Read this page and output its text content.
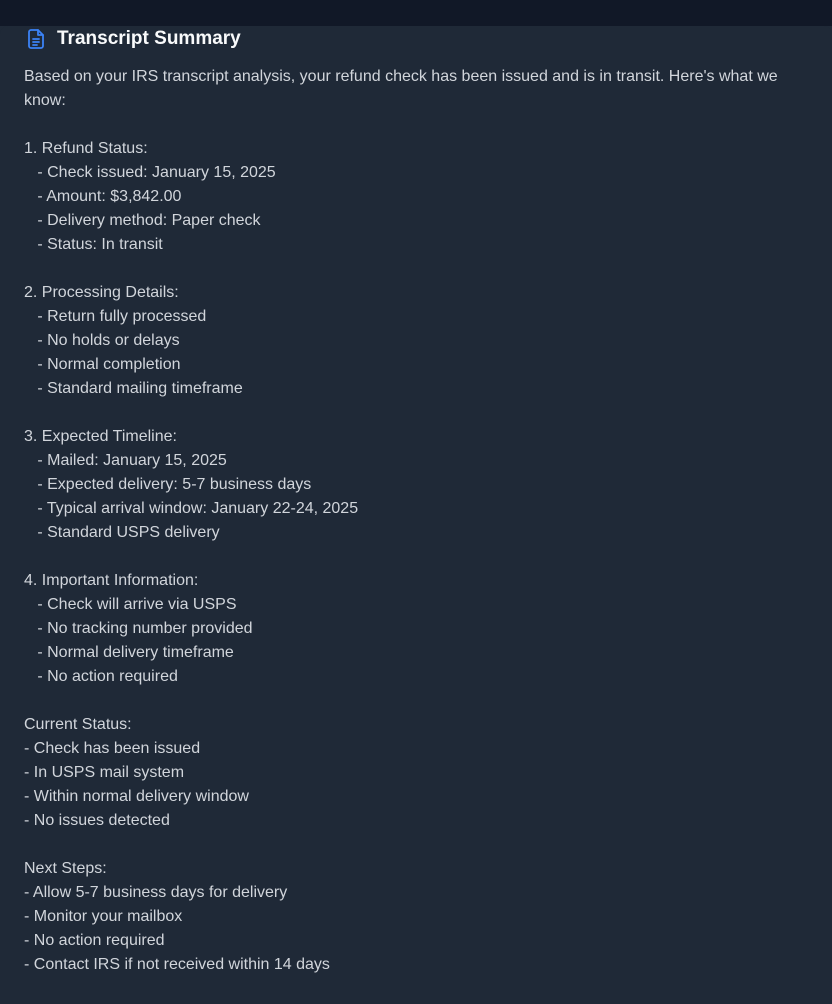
Transcript Summary
Based on your IRS transcript analysis, your refund check has been issued and is in transit. Here's what we know:

1. Refund Status:
- Check issued: January 15, 2025
- Amount: $3,842.00
- Delivery method: Paper check
- Status: In transit

2. Processing Details:
- Return fully processed
- No holds or delays
- Normal completion
- Standard mailing timeframe

3. Expected Timeline:
- Mailed: January 15, 2025
- Expected delivery: 5-7 business days
- Typical arrival window: January 22-24, 2025
- Standard USPS delivery

4. Important Information:
- Check will arrive via USPS
- No tracking number provided
- Normal delivery timeframe
- No action required

Current Status:
- Check has been issued
- In USPS mail system
- Within normal delivery window
- No issues detected

Next Steps:
- Allow 5-7 business days for delivery
- Monitor your mailbox
- No action required
- Contact IRS if not received within 14 days
